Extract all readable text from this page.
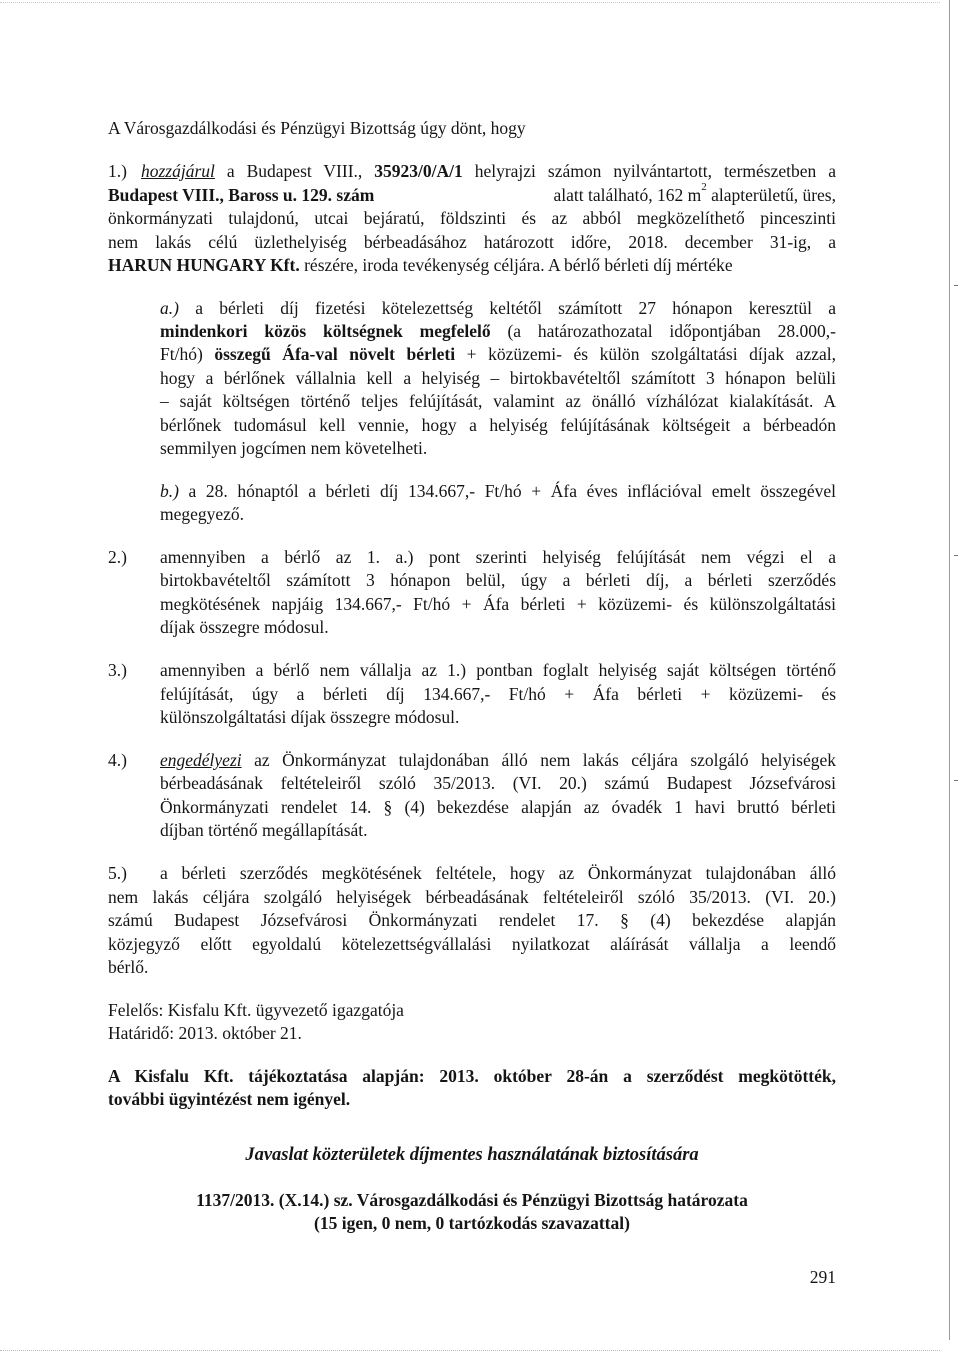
A Városgazdálkodási és Pénzügyi Bizottság úgy dönt, hogy
1.) hozzájárul a Budapest VIII., 35923/0/A/1 helyrajzi számon nyilvántartott, természetben a
Budapest VIII., Baross u. 129. szám	alatt található, 162 $m^2$ alapterületű, üres,
önkormányzati tulajdonú, utcai bejáratú, földszinti és az abból megközelíthető pinceszinti
nem lakás célú üzlethelyiség bérbeadásához határozott időre, 2018. december 31-ig, a
HARUN HUNGARY Kft. részére, iroda tevékenység céljára. A bérlő bérleti díj mértéke
a.) a bérleti díj fizetési kötelezettség keltétől számított 27 hónapon keresztül a
mindenkori közös költségnek megfelelő (a határozathozatal időpontjában 28.000,-
Ft/hó) összegű Áfa-val növelt bérleti + közüzemi- és külön szolgáltatási díjak azzal,
hogy a bérlőnek vállalnia kell a helyiség – birtokbavételtől számított 3 hónapon belüli
– saját költségen történő teljes felújítását, valamint az önálló vízhálózat kialakítását. A
bérlőnek tudomásul kell vennie, hogy a helyiség felújításának költségeit a bérbeadón
semmilyen jogcímen nem követelheti.
b.) a 28. hónaptól a bérleti díj 134.667,- Ft/hó + Áfa éves inflációval emelt összegével
megegyező.
2.) amennyiben a bérlő az 1. a.) pont szerinti helyiség felújítását nem végzi el a
birtokbavételtől számított 3 hónapon belül, úgy a bérleti díj, a bérleti szerződés
megkötésének napjáig 134.667,- Ft/hó + Áfa bérleti + közüzemi- és különszolgáltatási
díjak összegre módosul.
3.) amennyiben a bérlő nem vállalja az 1.) pontban foglalt helyiség saját költségen történő
felújítását, úgy a bérleti díj 134.667,- Ft/hó + Áfa bérleti + közüzemi- és
különszolgáltatási díjak összegre módosul.
4.) engedélyezi az Önkormányzat tulajdonában álló nem lakás céljára szolgáló helyiségek
bérbeadásának feltételeiről szóló 35/2013. (VI. 20.) számú Budapest Józsefvárosi
Önkormányzati rendelet 14. § (4) bekezdése alapján az óvadék 1 havi bruttó bérleti
díjban történő megállapítását.
5.) a bérleti szerződés megkötésének feltétele, hogy az Önkormányzat tulajdonában álló
nem lakás céljára szolgáló helyiségek bérbeadásának feltételeiről szóló 35/2013. (VI. 20.)
számú Budapest Józsefvárosi Önkormányzati rendelet 17. § (4) bekezdése alapján
közjegyző előtt egyoldalú kötelezettségvállalási nyilatkozat aláírását vállalja a leendő
bérlő.
Felelős: Kisfalu Kft. ügyvezető igazgatója
Határidő: 2013. október 21.
A Kisfalu Kft. tájékoztatása alapján: 2013. október 28-án a szerződést megkötötték,
további ügyintézést nem igényel.
Javaslat közterületek díjmentes használatának biztosítására
1137/2013. (X.14.) sz. Városgazdálkodási és Pénzügyi Bizottság határozata
(15 igen, 0 nem, 0 tartózkodás szavazattal)
291
